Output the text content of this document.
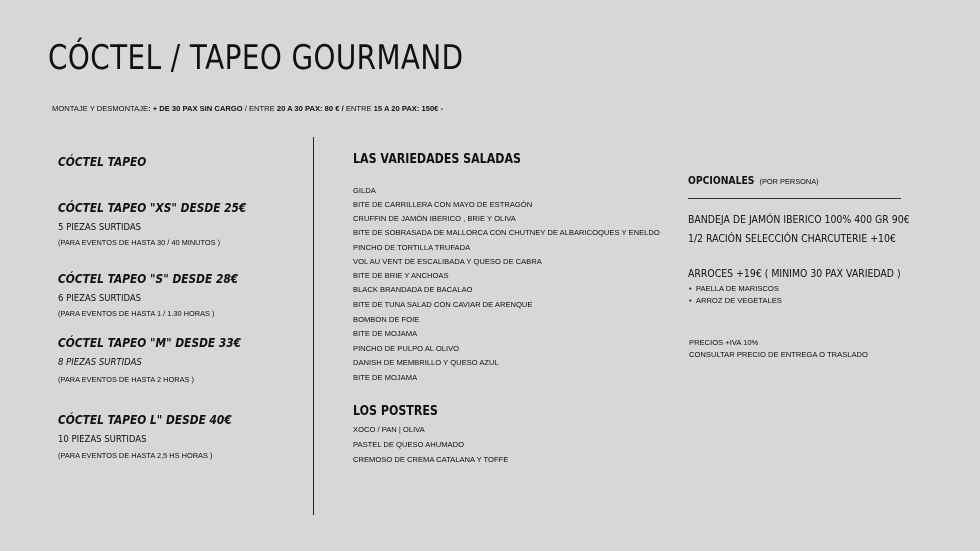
CÓCTEL / TAPEO GOURMAND
MONTAJE Y DESMONTAJE: + DE 30 PAX SIN CARGO / ENTRE 20 A 30 PAX: 80 € / ENTRE 15 A 20 PAX: 150€ -
CÓCTEL TAPEO
CÓCTEL TAPEO "XS" DESDE 25€
5 PIEZAS SURTIDAS
(PARA EVENTOS DE HASTA 30 / 40 MINUTOS )
CÓCTEL TAPEO "S" DESDE 28€
6 PIEZAS SURTIDAS
(PARA EVENTOS DE HASTA 1 / 1.30 HORAS )
CÓCTEL TAPEO "M" DESDE 33€
8 PIEZAS SURTIDAS
(PARA EVENTOS DE HASTA 2 HORAS )
CÓCTEL TAPEO L" DESDE 40€
10 PIEZAS SURTIDAS
(PARA EVENTOS DE HASTA 2,5 HS HORAS )
LAS VARIEDADES SALADAS
GILDA
BITE DE CARRILLERA CON MAYO DE ESTRAGÓN
CRUFFIN DE JAMÓN IBERICO , BRIE Y OLIVA
BITE DE SOBRASADA DE MALLORCA CON CHUTNEY DE ALBARICOQUES Y ENELDO
PINCHO DE TORTILLA TRUFADA
VOL AU VENT DE ESCALIBADA Y QUESO DE CABRA
BITE DE BRIE Y ANCHOAS
BLACK BRANDADA DE BACALAO
BITE DE TUNA SALAD CON CAVIAR DE ARENQUE
BOMBON DE FOIE
BITE DE MOJAMA
PINCHO DE PULPO AL OLIVO
DANISH DE MEMBRILLO Y QUESO AZUL
BITE DE MOJAMA
LOS POSTRES
XOCO / PAN | OLIVA
PASTEL DE QUESO AHUMADO
CREMOSO DE CREMA CATALANA Y TOFFE
OPCIONALES (POR PERSONA)
BANDEJA DE JAMÓN IBERICO 100% 400 GR 90€
1/2 RACIÓN SELECCIÓN CHARCUTERIE +10€
ARROCES +19€ ( MINIMO 30 PAX VARIEDAD )
•  PAELLA DE MARISCOS
•  ARROZ DE VEGETALES
PRECIOS +IVA 10%
CONSULTAR PRECIO DE ENTREGA O TRASLADO
